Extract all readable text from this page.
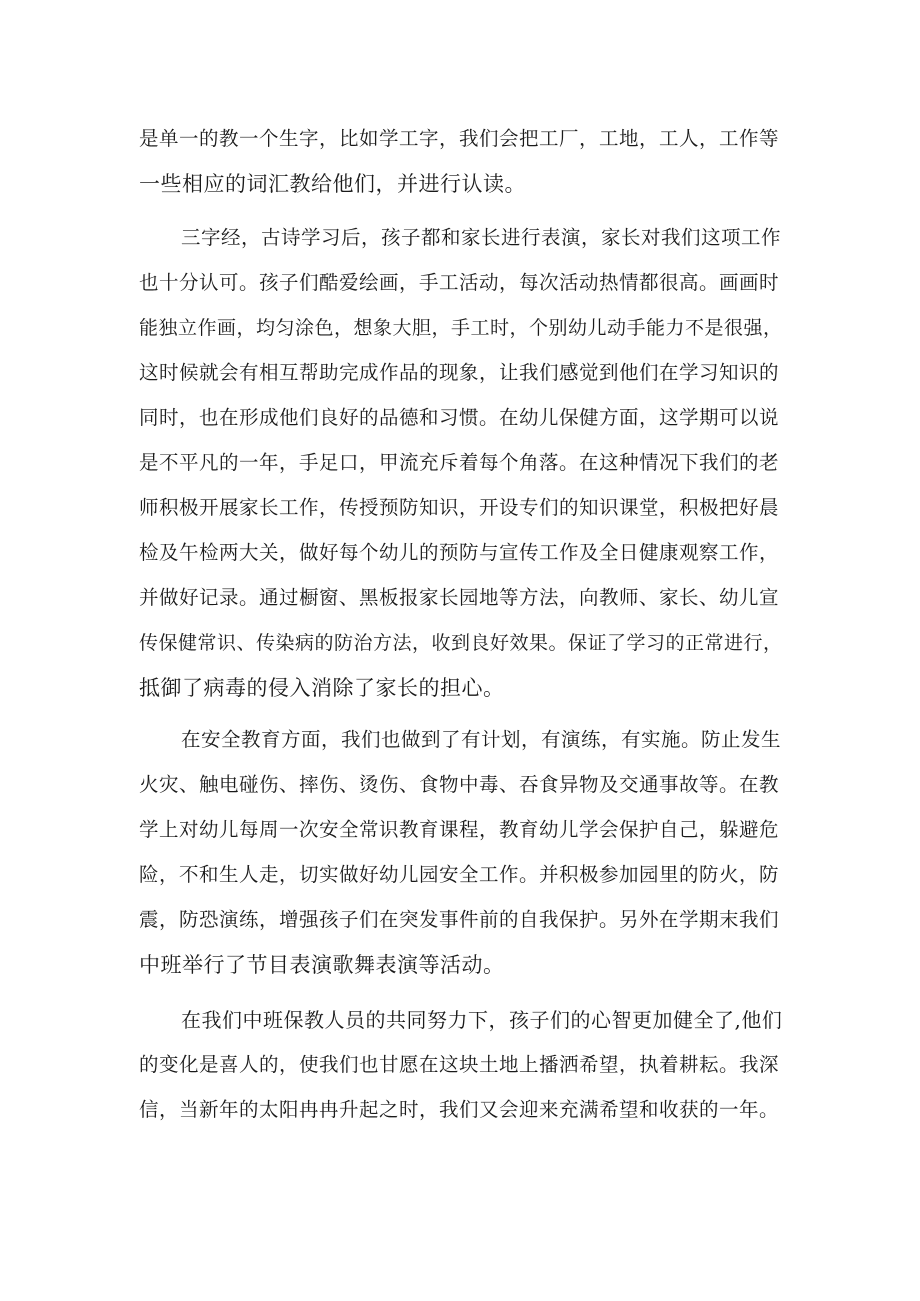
是单一的教一个生字，比如学工字，我们会把工厂，工地，工人，工作等
一些相应的词汇教给他们，并进行认读。
三字经，古诗学习后，孩子都和家长进行表演，家长对我们这项工作
也十分认可。孩子们酷爱绘画，手工活动，每次活动热情都很高。画画时
能独立作画，均匀涂色，想象大胆，手工时，个别幼儿动手能力不是很强，
这时候就会有相互帮助完成作品的现象，让我们感觉到他们在学习知识的
同时，也在形成他们良好的品德和习惯。在幼儿保健方面，这学期可以说
是不平凡的一年，手足口，甲流充斥着每个角落。在这种情况下我们的老
师积极开展家长工作，传授预防知识，开设专们的知识课堂，积极把好晨
检及午检两大关，做好每个幼儿的预防与宣传工作及全日健康观察工作，
并做好记录。通过橱窗、黑板报家长园地等方法，向教师、家长、幼儿宣
传保健常识、传染病的防治方法，收到良好效果。保证了学习的正常进行，
抵御了病毒的侵入消除了家长的担心。
在安全教育方面，我们也做到了有计划，有演练，有实施。防止发生
火灾、触电碰伤、摔伤、烫伤、食物中毒、吞食异物及交通事故等。在教
学上对幼儿每周一次安全常识教育课程，教育幼儿学会保护自己，躲避危
险，不和生人走，切实做好幼儿园安全工作。并积极参加园里的防火，防
震，防恐演练，增强孩子们在突发事件前的自我保护。另外在学期末我们
中班举行了节目表演歌舞表演等活动。
在我们中班保教人员的共同努力下，孩子们的心智更加健全了,他们
的变化是喜人的，使我们也甘愿在这块土地上播洒希望，执着耕耘。我深
信，当新年的太阳冉冉升起之时，我们又会迎来充满希望和收获的一年。
